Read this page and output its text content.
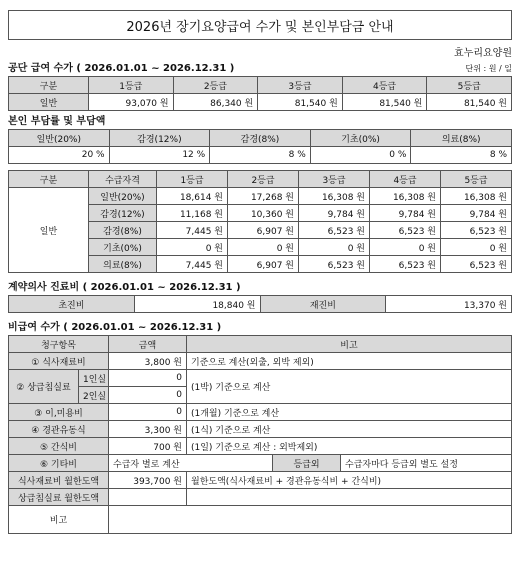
2026년 장기요양급여 수가 및 본인부담금 안내
효누리요양원
공단 급여 수가 ( 2026.01.01 ~ 2026.12.31 )	단위 : 원 / 일
구분	1등급	2등급	3등급	4등급	5등급
일반	93,070 원	86,340 원	81,540 원	81,540 원	81,540 원
본인 부담률 및 부담액
일반(20%)	감경(12%)	감경(8%)	기초(0%)	의료(8%)
20 %	12 %	8 %	0 %	8 %
구분	수급자격	1등급	2등급	3등급	4등급	5등급
일반	일반(20%)	18,614 원	17,268 원	16,308 원	16,308 원	16,308 원
	감경(12%)	11,168 원	10,360 원	9,784 원	9,784 원	9,784 원
	감경(8%)	7,445 원	6,907 원	6,523 원	6,523 원	6,523 원
	기초(0%)	0 원	0 원	0 원	0 원	0 원
	의료(8%)	7,445 원	6,907 원	6,523 원	6,523 원	6,523 원
계약의사 진료비 ( 2026.01.01 ~ 2026.12.31 )
초진비	18,840 원	재진비	13,370 원
비급여 수가 ( 2026.01.01 ~ 2026.12.31 )
청구항목		금액	비고		
① 식사재료비		3,800 원	기준으로 계산(외출, 외박 제외)		
② 상급침실료	1인실	0	(1박) 기준으로 계산		
	2인실	0			
③ 이,미용비		0	(1개월) 기준으로 계산		
④ 경관유동식		3,300 원	(1식) 기준으로 계산		
⑤ 간식비		700 원	(1일) 기준으로 계산 : 외박제외)		
⑥ 기타비		수급자 별로 계산		등급외	수급자마다 등급외 별도 설정
식사재료비 월한도액		393,700 원	월한도액(식사재료비 + 경관유동식비 + 간식비)		
상급침실료 월한도액					
비고					
